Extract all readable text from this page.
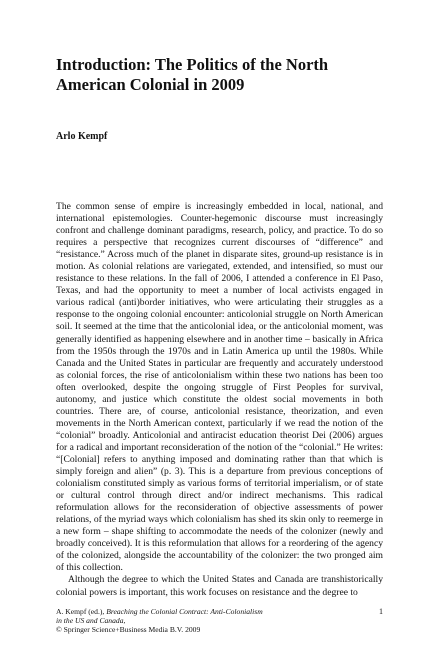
Introduction: The Politics of the North
American Colonial in 2009
Arlo Kempf

The common sense of empire is increasingly embedded in local, national, and international epistemologies. Counter-hegemonic discourse must increasingly confront and challenge dominant paradigms, research, policy, and practice. To do so requires a perspective that recognizes current discourses of “difference” and “resistance.” Across much of the planet in disparate sites, ground-up resistance is in motion. As colonial relations are variegated, extended, and intensified, so must our resistance to these relations. In the fall of 2006, I attended a conference in El Paso, Texas, and had the opportunity to meet a number of local activists engaged in various radical (anti)border initiatives, who were articulating their struggles as a response to the ongoing colonial encounter: anticolonial struggle on North American soil. It seemed at the time that the anticolonial idea, or the anticolonial moment, was generally identified as happening elsewhere and in another time – basically in Africa from the 1950s through the 1970s and in Latin America up until the 1980s. While Canada and the United States in particular are frequently and accurately understood as colonial forces, the rise of anticolonialism within these two nations has been too often overlooked, despite the ongoing struggle of First Peoples for survival, autonomy, and justice which constitute the oldest social movements in both countries. There are, of course, anticolonial resistance, theorization, and even movements in the North American context, particularly if we read the notion of the “colonial” broadly. Anticolonial and antiracist education theorist Dei (2006) argues for a radical and important reconsideration of the notion of the “colonial.” He writes: “[Colonial] refers to anything imposed and dominating rather than that which is simply foreign and alien” (p. 3). This is a departure from previous conceptions of colonialism constituted simply as various forms of territorial imperialism, or of state or cultural control through direct and/or indirect mechanisms. This radical reformulation allows for the reconsideration of objective assessments of power relations, of the myriad ways which colonialism has shed its skin only to reemerge in a new form – shape shifting to accommodate the needs of the colonizer (newly and broadly conceived). It is this reformulation that allows for a reordering of the agency of the colonized, alongside the accountability of the colonizer: the two pronged aim of this collection.

Although the degree to which the United States and Canada are transhistorically colonial powers is important, this work focuses on resistance and the degree to

A. Kempf (ed.), Breaching the Colonial Contract: Anti-Colonialism
in the US and Canada,
© Springer Science+Business Media B.V. 2009
1
